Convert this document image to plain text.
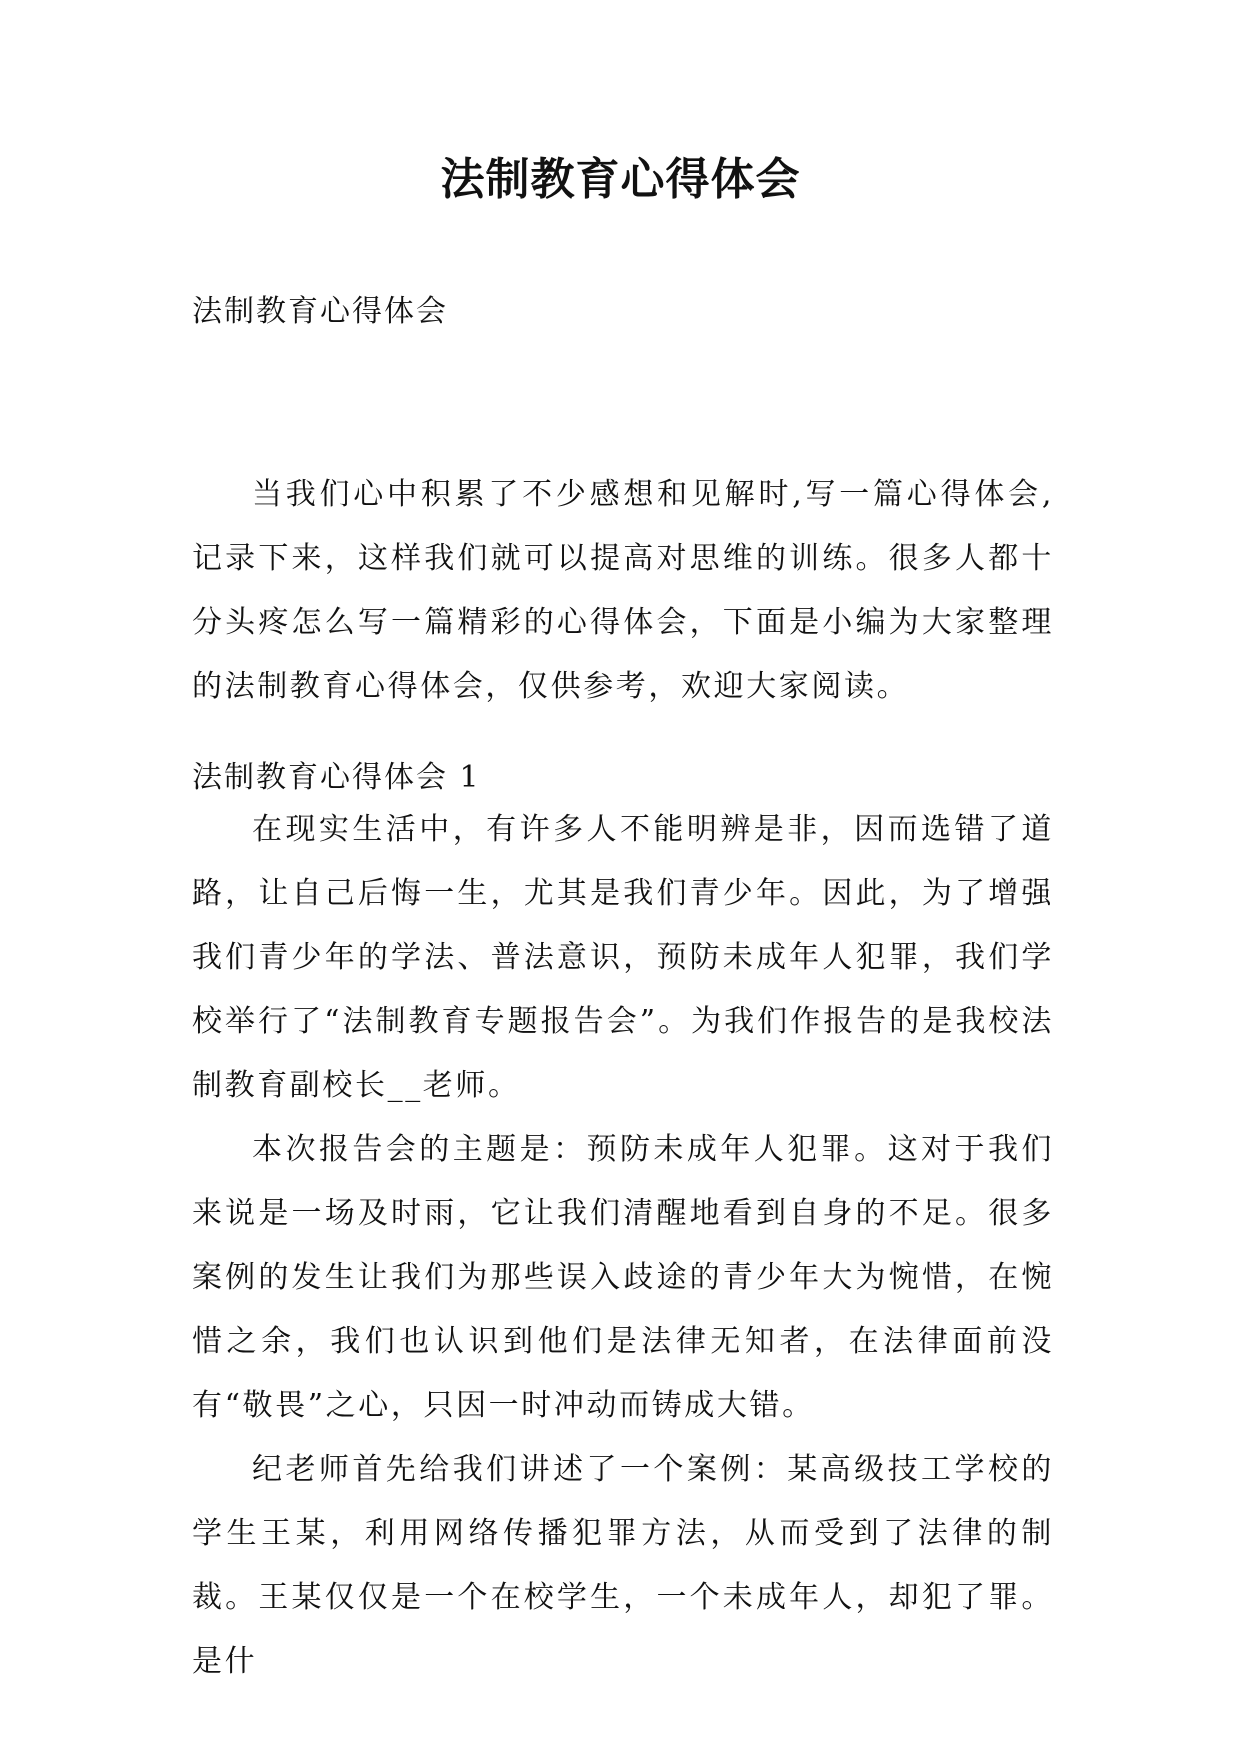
法制教育心得体会

法制教育心得体会

当我们心中积累了不少感想和见解时,写一篇心得体会,记录下来，这样我们就可以提高对思维的训练。很多人都十分头疼怎么写一篇精彩的心得体会，下面是小编为大家整理的法制教育心得体会，仅供参考，欢迎大家阅读。

法制教育心得体会 1

在现实生活中，有许多人不能明辨是非，因而选错了道路，让自己后悔一生，尤其是我们青少年。因此，为了增强我们青少年的学法、普法意识，预防未成年人犯罪，我们学校举行了“法制教育专题报告会”。为我们作报告的是我校法制教育副校长__老师。

本次报告会的主题是：预防未成年人犯罪。这对于我们来说是一场及时雨，它让我们清醒地看到自身的不足。很多案例的发生让我们为那些误入歧途的青少年大为惋惜，在惋惜之余，我们也认识到他们是法律无知者，在法律面前没有“敬畏”之心，只因一时冲动而铸成大错。

纪老师首先给我们讲述了一个案例：某高级技工学校的学生王某，利用网络传播犯罪方法，从而受到了法律的制裁。王某仅仅是一个在校学生，一个未成年人，却犯了罪。是什
